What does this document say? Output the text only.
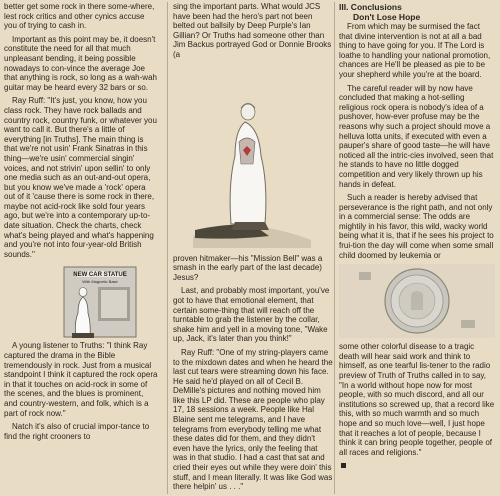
better get some rock in there some-where, lest rock critics and other cynics accuse you of trying to cash in.

Important as this point may be, it doesn't constitute the need for all that much unpleasant bending, it being possible nowadays to con-vince the average Joe that anything is rock, so long as a wah-wah guitar may be heard every 32 bars or so.

Ray Ruff: "It's just, you know, how you class rock. They have rock ballads and country rock, country funk, or whatever you want to call it. But there's a little of everything [in Truths]. The main thing is that we're not usin' Frank Sinatras in this thing—we're usin' commercial singin' voices, and not strivin' upon sellin' to only one media such as an out-and-out opera, but you know we've made a 'rock' opera out of it 'cause there is some rock in there, maybe not acid-rock like sold four years ago, but we're into a contemporary up-to-date situation. Check the charts, check what's being played and what's happening and you're not into four-year-old British sounds."

NEW CAR STATUE
With Magnetic Base

A young listener to Truths: "I think Ray captured the drama in the Bible tremendously in rock. Just from a musical standpoint I think it captured the rock opera in that it touches on acid-rock in some of the scenes, and the blues is prominent, and country-western, and folk, which is a part of rock now."

Natch it's also of crucial impor-tance to find the right crooners to

sing the important parts. What would JCS have been had the hero's part not been belted out ballsily by Deep Purple's Ian Gillian? Or Truths had someone other than Jim Backus portrayed God or Donnie Brooks (a

proven hitmaker—his "Mission Bell" was a smash in the early part of the last decade) Jesus?

Last, and probably most important, you've got to have that emotional element, that certain some-thing that will reach off the turntable to grab the listener by the collar, shake him and yell in a moving tone, "Wake up, Jack, it's later than you think!"

Ray Ruff: "One of my string-players came to the mixdown dates and when he heard the last cut tears were streaming down his face. He said he'd played on all of Cecil B. DeMille's pictures and nothing moved him like this LP did. These are people who play 17, 18 sessions a week. People like Hal Blaine sent me telegrams, and I have telegrams from everybody telling me what these dates did for them, and they didn't even have the lyrics, only the feeling that was in that studio. I had a cast that sat and cried their eyes out while they were doin' this stuff, and I mean literally. It was like God was there helpin' us . . ."

III. Conclusions
Don't Lose Hope

From which may be surmised the fact that divine intervention is not at all a bad thing to have going for you. If The Lord is loathe to handling your national promotion, chances are He'll be pleased as pie to be your shepherd while you're at the board.

The careful reader will by now have concluded that making a hot-selling religious rock opera is nobody's idea of a pushover, how-ever profuse may be the reasons why such a project should move a helluva lotta units, if executed with even a pauper's share of good taste—he will have noticed all the intric-cies involved, seen that he stands to have no little dogged competition and very likely thrown up his hands in defeat.

Such a reader is hereby advised that perseverance is the right path, and not only in a commercial sense: The odds are mightily in his favor, this wild, wacky world being what it is, that if he sees his project to frui-tion the day will come when some small child doomed by leukemia or

some other colorful disease to a tragic death will hear said work and think to himself, as one tearful lis-tener to the radio preview of Truth of Truths called in to say, "In a world without hope now for most people, with so much discord, and all our institutions so screwed up, that a record like this, with so much warmth and so much hope and so much love—well, I just hope that it reaches a lot of people, because I think it can bring people together, people of all races and religions."
